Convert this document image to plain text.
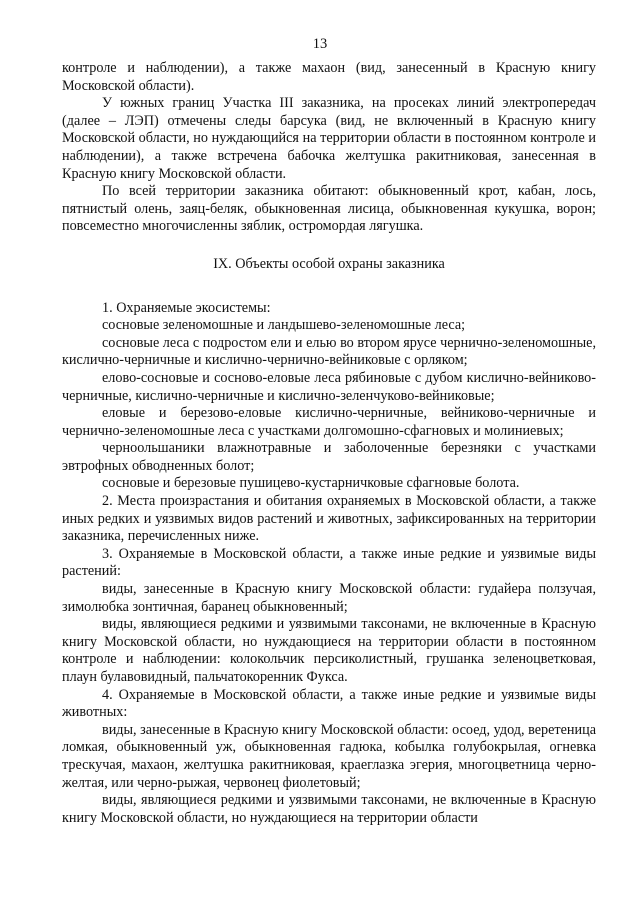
13

контроле и наблюдении), а также махаон (вид, занесенный в Красную книгу Московской области).

У южных границ Участка III заказника, на просеках линий электропередач (далее – ЛЭП) отмечены следы барсука (вид, не включенный в Красную книгу Московской области, но нуждающийся на территории области в постоянном контроле и наблюдении), а также встречена бабочка желтушка ракитниковая, занесенная в Красную книгу Московской области.

По всей территории заказника обитают: обыкновенный крот, кабан, лось, пятнистый олень, заяц-беляк, обыкновенная лисица, обыкновенная кукушка, ворон; повсеместно многочисленны зяблик, остромордая лягушка.

IX. Объекты особой охраны заказника

1. Охраняемые экосистемы:

сосновые зеленомошные и ландышево-зеленомошные леса;

сосновые леса с подростом ели и елью во втором ярусе чернично-зеленомошные, кислично-черничные и кислично-чернично-вейниковые с орляком;

елово-сосновые и сосново-еловые леса рябиновые с дубом кислично-вейниково-черничные, кислично-черничные и кислично-зеленчуково-вейниковые;

еловые и березово-еловые кислично-черничные, вейниково-черничные и чернично-зеленомошные леса с участками долгомошно-сфагновых и молиниевых;

черноольшаники влажнотравные и заболоченные березняки с участками эвтрофных обводненных болот;

сосновые и березовые пушицево-кустарничковые сфагновые болота.

2. Места произрастания и обитания охраняемых в Московской области, а также иных редких и уязвимых видов растений и животных, зафиксированных на территории заказника, перечисленных ниже.

3. Охраняемые в Московской области, а также иные редкие и уязвимые виды растений:

виды, занесенные в Красную книгу Московской области: гудайера ползучая, зимолюбка зонтичная, баранец обыкновенный;

виды, являющиеся редкими и уязвимыми таксонами, не включенные в Красную книгу Московской области, но нуждающиеся на территории области в постоянном контроле и наблюдении: колокольчик персиколистный, грушанка зеленоцветковая, плаун булавовидный, пальчатокоренник Фукса.

4. Охраняемые в Московской области, а также иные редкие и уязвимые виды животных:

виды, занесенные в Красную книгу Московской области: осоед, удод, веретеница ломкая, обыкновенный уж, обыкновенная гадюка, кобылка голубокрылая, огневка трескучая, махаон, желтушка ракитниковая, краеглазка эгерия, многоцветница черно-желтая, или черно-рыжая, червонец фиолетовый;

виды, являющиеся редкими и уязвимыми таксонами, не включенные в Красную книгу Московской области, но нуждающиеся на территории области
